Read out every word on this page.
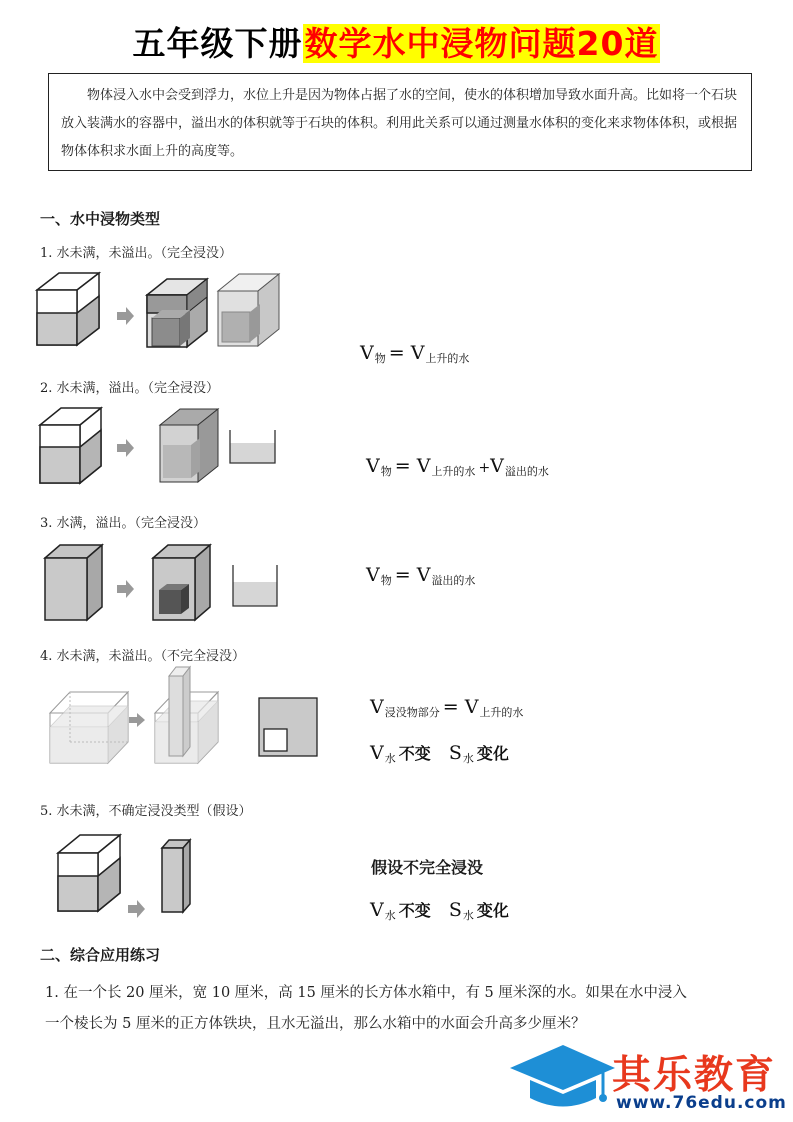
五年级下册数学水中浸物问题20道

物体浸入水中会受到浮力，水位上升是因为物体占据了水的空间，使水的体积增加导致水面升高。比如将一个石块放入装满水的容器中，溢出水的体积就等于石块的体积。利用此关系可以通过测量水体积的变化来求物体体积，或根据物体体积求水面上升的高度等。

一、水中浸物类型
1. 水未满，未溢出。（完全浸没）
$V_物 = V_{上升的水}$
2. 水未满，溢出。（完全浸没）
$V_物 = V_{上升的水} +V_{溢出的水}$
3. 水满，溢出。（完全浸没）
$V_物 = V_{溢出的水}$
4. 水未满，未溢出。（不完全浸没）
$V_{浸没物部分} = V_{上升的水}$
$V_水$ 不变 $S_水$ 变化
5. 水未满，不确定浸没类型（假设）
假设不完全浸没
$V_水$ 不变 $S_水$ 变化
二、综合应用练习

1. 在一个长 20 厘米，宽 10 厘米，高 15 厘米的长方体水箱中，有 5 厘米深的水。如果在水中浸入

一个棱长为 5 厘米的正方体铁块，且水无溢出，那么水箱中的水面会升高多少厘米？

其乐教育
www.76edu.com
